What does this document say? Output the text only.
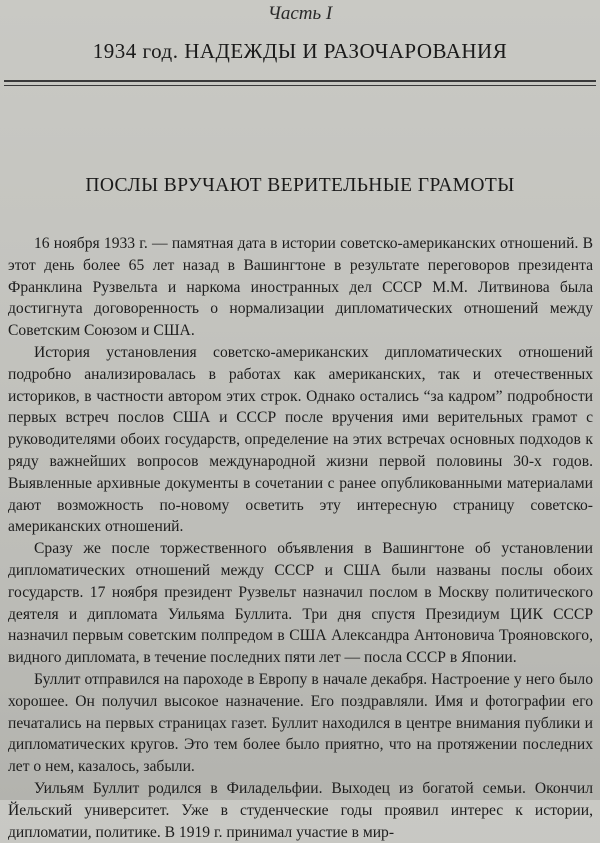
Часть I
1934 год. НАДЕЖДЫ И РАЗОЧАРОВАНИЯ
ПОСЛЫ ВРУЧАЮТ ВЕРИТЕЛЬНЫЕ ГРАМОТЫ

16 ноября 1933 г. — памятная дата в истории советско-американских отношений. В этот день более 65 лет назад в Вашингтоне в результате переговоров президента Франклина Рузвельта и наркома иностранных дел СССР М.М. Литвинова была достигнута договоренность о нормализации дипломатических отношений между Советским Союзом и США.

История установления советско-американских дипломатических отношений подробно анализировалась в работах как американских, так и отечественных историков, в частности автором этих строк. Однако остались “за кадром” подробности первых встреч послов США и СССР после вручения ими верительных грамот с руководителями обоих государств, определение на этих встречах основных подходов к ряду важнейших вопросов международной жизни первой половины 30-х годов. Выявленные архивные документы в сочетании с ранее опубликованными материалами дают возможность по-новому осветить эту интересную страницу советско-американских отношений.

Сразу же после торжественного объявления в Вашингтоне об установлении дипломатических отношений между СССР и США были названы послы обоих государств. 17 ноября президент Рузвельт назначил послом в Москву политического деятеля и дипломата Уильяма Буллита. Три дня спустя Президиум ЦИК СССР назначил первым советским полпредом в США Александра Антоновича Трояновского, видного дипломата, в течение последних пяти лет — посла СССР в Японии.

Буллит отправился на пароходе в Европу в начале декабря. Настроение у него было хорошее. Он получил высокое назначение. Его поздравляли. Имя и фотографии его печатались на первых страницах газет. Буллит находился в центре внимания публики и дипломатических кругов. Это тем более было приятно, что на протяжении последних лет о нем, казалось, забыли.

Уильям Буллит родился в Филадельфии. Выходец из богатой семьи. Окончил Йельский университет. Уже в студенческие годы проявил интерес к истории, дипломатии, политике. В 1919 г. принимал участие в мир-
